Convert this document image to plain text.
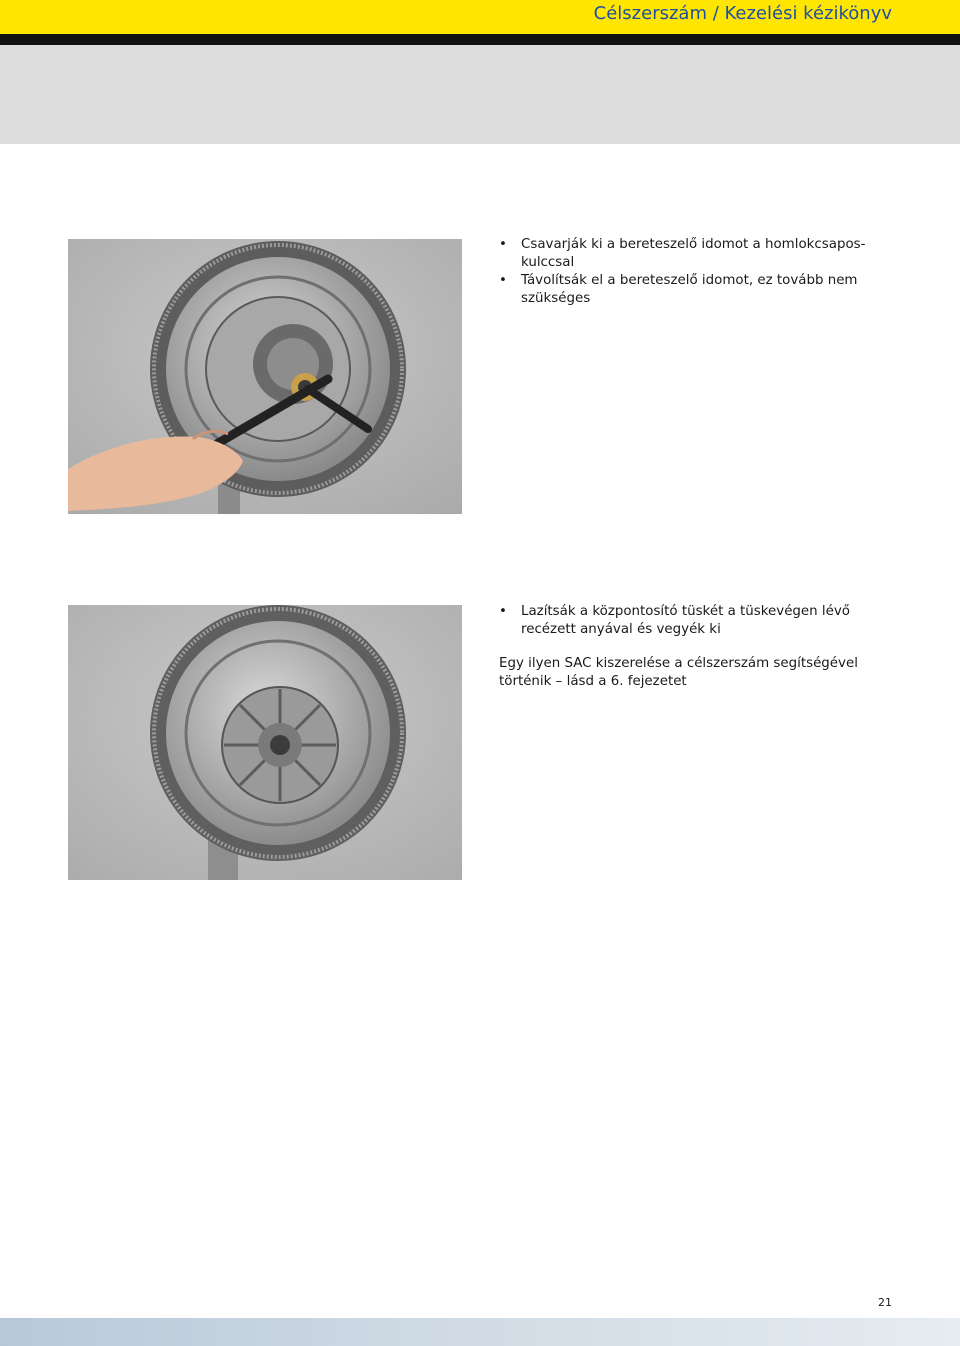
Célszerszám / Kezelési kézikönyv
• Csavarják ki a bereteszelő idomot a homlokcsapos-kulccsal
• Távolítsák el a bereteszelő idomot, ez tovább nem szükséges
• Lazítsák a központosító tüskét a tüskevégen lévő recézett anyával és vegyék ki

Egy ilyen SAC kiszerelése a célszerszám segítségével történik – lásd a 6. fejezetet

21
